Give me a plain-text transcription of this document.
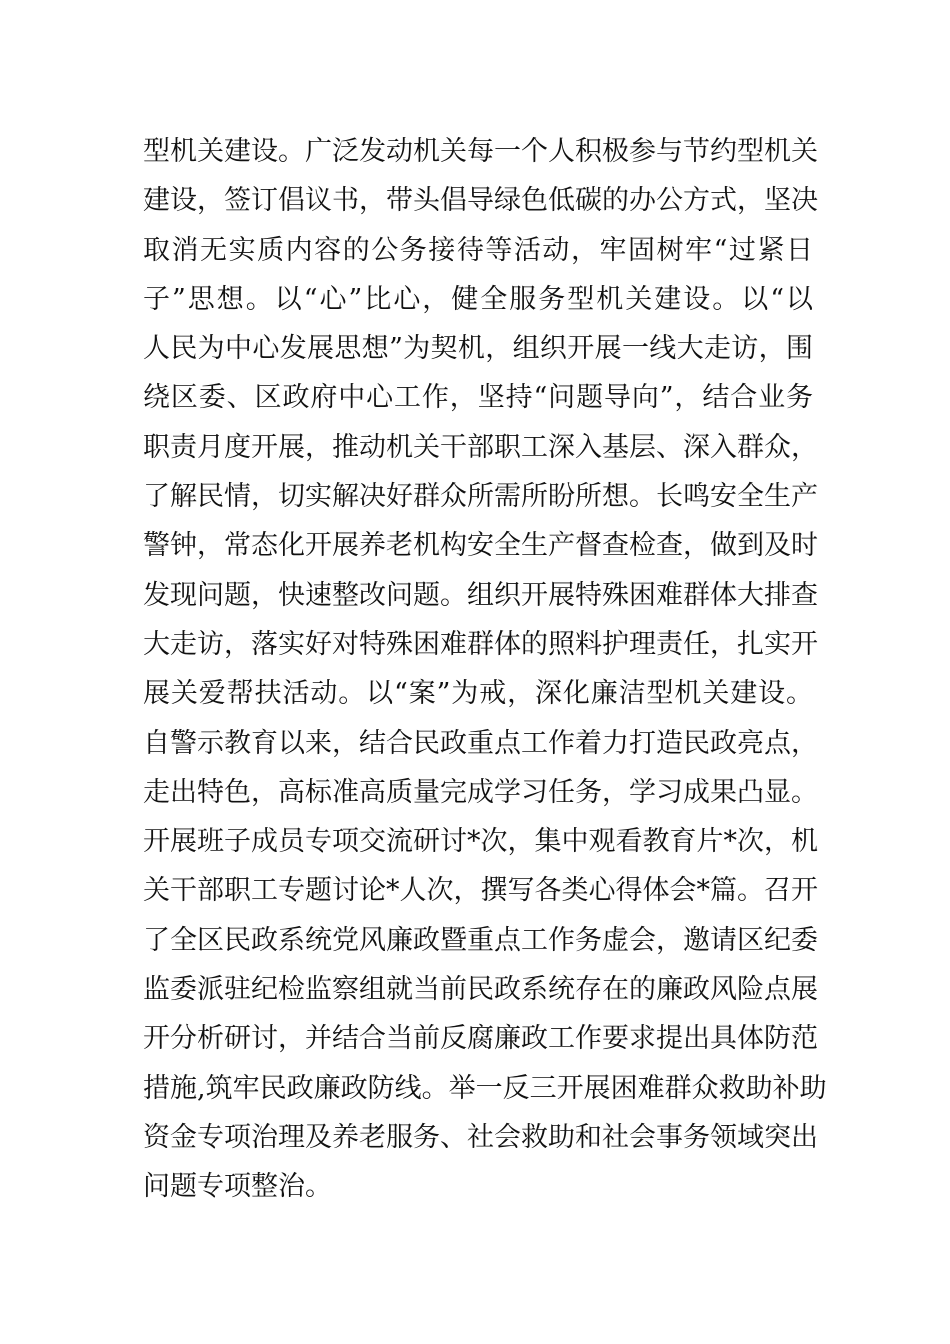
型机关建设。广泛发动机关每一个人积极参与节约型机关
建设，签订倡议书，带头倡导绿色低碳的办公方式，坚决
取消无实质内容的公务接待等活动，牢固树牢“过紧日
子”思想。以“心”比心，健全服务型机关建设。以“以
人民为中心发展思想”为契机，组织开展一线大走访，围
绕区委、区政府中心工作，坚持“问题导向”，结合业务
职责月度开展，推动机关干部职工深入基层、深入群众，
了解民情，切实解决好群众所需所盼所想。长鸣安全生产
警钟，常态化开展养老机构安全生产督查检查，做到及时
发现问题，快速整改问题。组织开展特殊困难群体大排查
大走访，落实好对特殊困难群体的照料护理责任，扎实开
展关爱帮扶活动。以“案”为戒，深化廉洁型机关建设。
自警示教育以来，结合民政重点工作着力打造民政亮点，
走出特色，高标准高质量完成学习任务，学习成果凸显。
开展班子成员专项交流研讨*次，集中观看教育片*次，机
关干部职工专题讨论*人次，撰写各类心得体会*篇。召开
了全区民政系统党风廉政暨重点工作务虚会，邀请区纪委
监委派驻纪检监察组就当前民政系统存在的廉政风险点展
开分析研讨，并结合当前反腐廉政工作要求提出具体防范
措施,筑牢民政廉政防线。举一反三开展困难群众救助补助
资金专项治理及养老服务、社会救助和社会事务领域突出
问题专项整治。
